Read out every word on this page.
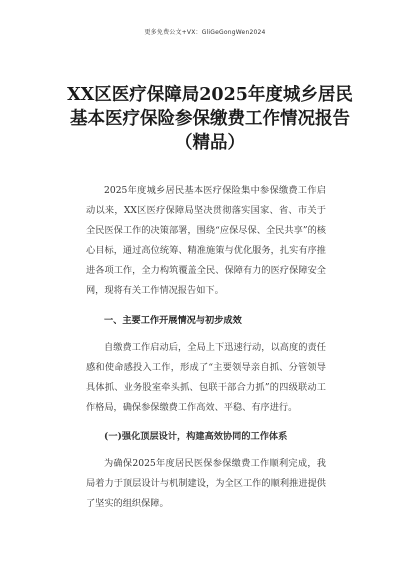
更多免费公文+VX：GliGeGongWen2024
XX区医疗保障局2025年度城乡居民基本医疗保险参保缴费工作情况报告（精品）

2025年度城乡居民基本医疗保险集中参保缴费工作启动以来，XX区医疗保障局坚决贯彻落实国家、省、市关于全民医保工作的决策部署，围绕“应保尽保、全民共享”的核心目标，通过高位统筹、精准施策与优化服务，扎实有序推进各项工作，全力构筑覆盖全民、保障有力的医疗保障安全网，现将有关工作情况报告如下。

一、主要工作开展情况与初步成效

自缴费工作启动后，全局上下迅速行动，以高度的责任感和使命感投入工作，形成了“主要领导亲自抓、分管领导具体抓、业务股室牵头抓、包联干部合力抓”的四级联动工作格局，确保参保缴费工作高效、平稳、有序进行。

(一)强化顶层设计，构建高效协同的工作体系

为确保2025年度居民医保参保缴费工作顺利完成，我局着力于顶层设计与机制建设，为全区工作的顺利推进提供了坚实的组织保障。
